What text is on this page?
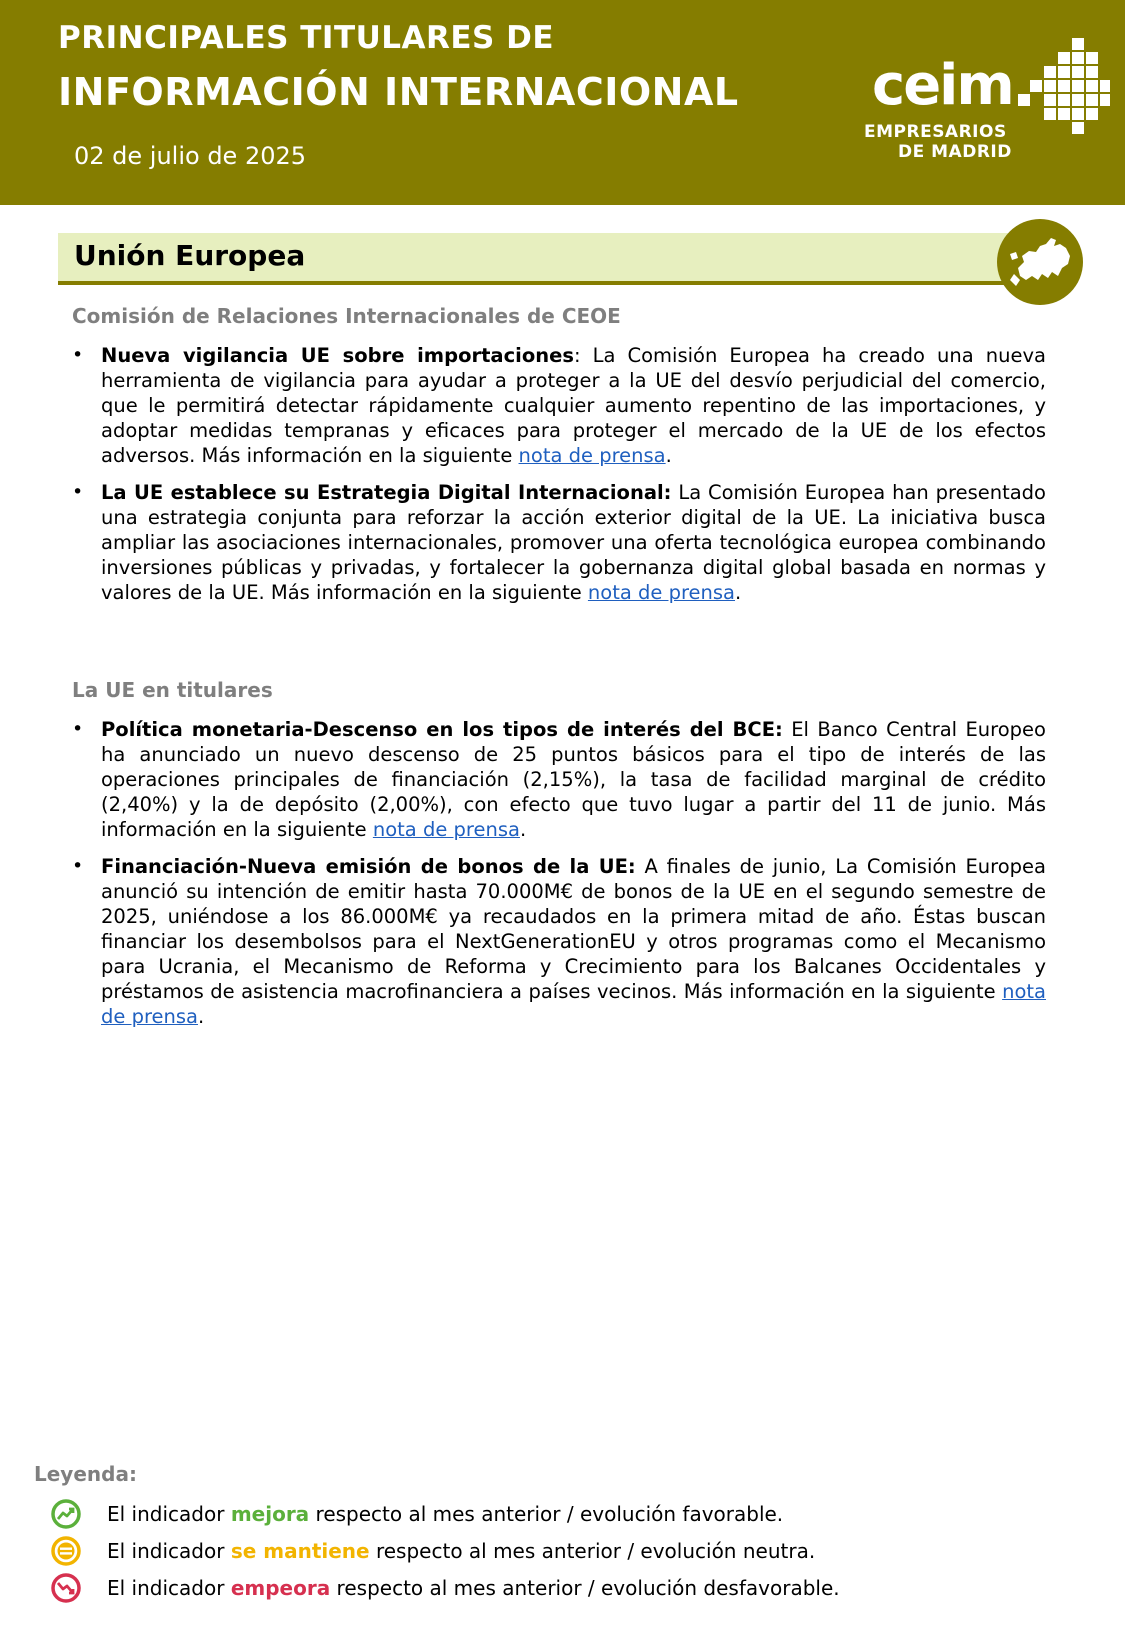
PRINCIPALES TITULARES DE
INFORMACIÓN INTERNACIONAL
02 de julio de 2025
ceim
EMPRESARIOS
DE MADRID
Unión Europea
Comisión de Relaciones Internacionales de CEOE
• Nueva vigilancia UE sobre importaciones: La Comisión Europea ha creado una nueva herramienta de vigilancia para ayudar a proteger a la UE del desvío perjudicial del comercio, que le permitirá detectar rápidamente cualquier aumento repentino de las importaciones, y adoptar medidas tempranas y eficaces para proteger el mercado de la UE de los efectos adversos. Más información en la siguiente nota de prensa.
• La UE establece su Estrategia Digital Internacional: La Comisión Europea han presentado una estrategia conjunta para reforzar la acción exterior digital de la UE. La iniciativa busca ampliar las asociaciones internacionales, promover una oferta tecnológica europea combinando inversiones públicas y privadas, y fortalecer la gobernanza digital global basada en normas y valores de la UE. Más información en la siguiente nota de prensa.
La UE en titulares
• Política monetaria-Descenso en los tipos de interés del BCE: El Banco Central Europeo ha anunciado un nuevo descenso de 25 puntos básicos para el tipo de interés de las operaciones principales de financiación (2,15%), la tasa de facilidad marginal de crédito (2,40%) y la de depósito (2,00%), con efecto que tuvo lugar a partir del 11 de junio. Más información en la siguiente nota de prensa.
• Financiación-Nueva emisión de bonos de la UE: A finales de junio, La Comisión Europea anunció su intención de emitir hasta 70.000M€ de bonos de la UE en el segundo semestre de 2025, uniéndose a los 86.000M€ ya recaudados en la primera mitad de año. Éstas buscan financiar los desembolsos para el NextGenerationEU y otros programas como el Mecanismo para Ucrania, el Mecanismo de Reforma y Crecimiento para los Balcanes Occidentales y préstamos de asistencia macrofinanciera a países vecinos. Más información en la siguiente nota de prensa.
Leyenda:
El indicador mejora respecto al mes anterior / evolución favorable.
El indicador se mantiene respecto al mes anterior / evolución neutra.
El indicador empeora respecto al mes anterior / evolución desfavorable.
